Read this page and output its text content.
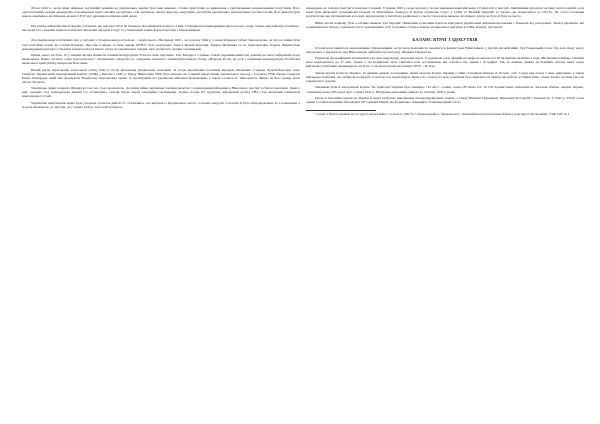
Літом 1944 р., коли деякі німецькі окупаційні режими на українських землях було вже вирвано, Сталін приступив до виявлення з українськими національними почуттями. Його «ідеологічний» режим «федерації» в розширенні прав союзних республік» став частиною закону. Коротко «внутріші» республік українських національних частин Сталін, його вимоги були новою зовнішньо-політичною мовою СРСР від держави на міжнародній арені.

Під кінець війни Москва й Берлін з’ясували, що народи СРСР не бажають підтримувати жодного з них. Гітлерівське командування проголосило «нову східно-європейську політику», яка полягала у наданні певної політичної автономії народам Сходу та у визначенні нових форм боротьби з більшовизмом.

Для українських політичних сил у ситуації з гітлерівським розгромом – і криза цього. Насправді 1943 – на початку 1944 р. у концтабірному таборі Заксенгаузен, де під час війни були такі політичні в’язні як Степан Бандера, Ярослав Стецько та інші лідери ОУН-б, було відпущено Тараса Бульбу-Боровця, Андрія Мельника та ін. національних лідерів. Фашистське командування прагнуло створити умови психологічного тиску на українських лідерів, щоб зробити їх своїми союзниками.

Однак, цього не було, бо у певних місцях фашисти залишили підрозділи УПА на свою протидію. Так, Бандера і Стецько стояли першими вимагати, деякий час мало інформації щодо визволення. Певна частина з них підготувалася і плануванню лідерства до створення спільного антикомуністичного блоку «Народів Росії» на чолі з колишнім командувачем Російської визвольної армії (РОА) генералом Власовим.

Новий раунд переговорів розпочався улітку 1944 р. після звільнення українських політиків. За згоди українських політиків Бандери, Мельника, Стецька, Бульби-Боровця тощо утворено Український національний комітет (УНК) у Берліні з 1945 р. Уряду Німеччини УНК було визнано як «єдиний представник українського народу». Головою УНК обрано генерала Павла Шандрука, який мав формувати Українську національну армію та організувати всі українські військові формування, а також очолити їх. Чисельність бійців, на його думку, мала сягати 50 тисяч.

Українська армія генерала Шандрука так і не стала реальністю. До кінця війни українські частини вели бої з радянськими військами в Німеччині, Австрії та Чехословаччині. Деякі з них, зокрема 14-а гренадерська дивізія СС «Галичина», склали зброю перед західними союзниками. Однак, попри всі труднощі, військовий досвід УНА став значущим елементом національної історії.

Українська національна армія була утворена з решток дивізії СС «Галичина», що вибувала з Бродівського котла, та нових рекрутів. Спочатку її було підпорядковано до Словаччини, а згодом переведено до Австрії, де у травні 1945 р. вона капітулювала.

переведено до західної Австрії в пошуках Словенії. 8 травня 1945 р. вона здалася у полон американським військам у Радштадті в Австрії. Дивізійники втратили частину своїх позицій, хоча вони були визволені громадянами Польщі за ініціативою Андерса, й відтак отримали статус у США та Великій Британії за умови «не повертатися до СРСР». Це стало головним результатом, яке підтримували в полоні, віддаленому в Англії від радянського союзу. Сам вождь вважав, що ніякого уряду не було й бути не могло.

Війна проти нацизму була особливо важкою для України. Чималими зусиллями вдалося врятувати українських військовополонених і біженців від репатріації. Тисячі українців, які залишилися на Заході, отримали статус переміщених осіб та пізніше стали основою післявоєнної еміграції в США, Канаді, Австралії.

БАЛАНС ВТРАТ І ЗДОБУТКІВ

Історія воєн пишеться переможцями. Переможцями, котрі мали можливість переписати фашистське Німеччиною у другій світовій війні, був Радянський Союз. Це дало йому змогу паралельно з перемогою над Німеччиною здійснити пропаганду «Великої Перемоги».

Радянські фальсифікації починалися уже при підрахунку людських втрат. У радянські часи офіційною цифрою вважалося 20 мільйонів загиблих в ході «Вітчизняної війни». Пізніше вона коригувалася до 27 млн. Однак у пострадянські часи з’явилися нові дослідження, які ставлять під сумнів і ці цифри. Так, за даними деяких дослідників, втрати лише серед військовослужбовців перевищують 10 млн., а загальні втрати населення СРСР – 40 млн.

Значні втрати понесла Україна. За даними деяких дослідників, прямі людські втрати України у війні становили близько 8–10 млн. осіб. Серед них понад 5 млн. цивільних, а також військовослужбовці, що загинули на фронті, в полоні та в концтаборах. Крім того, понад 2,3 млн. українців було вивезено на примусові роботи до Німеччини, з яких значна частина так і не повернулась додому.

Значними були й матеріальні втрати. На території України було знищено 714 міст і селищ, понад 28 тисяч сіл, 16 150 промислових підприємств. Загальні збитки, завдані Україні, становили понад 285 млрд. крб. у цінах 1941 р. Відбудова економіки тривала до початку 1950-х років.

Разом із тим війна принесла Україні й певні здобутки: приєднання західноукраїнських земель, а також Північної Буковини, Південної Бессарабії і Закарпаття. У 1945 р. УРСР стала одним із співзасновників Організації Об’єднаних Націй, що формально підвищило її міжнародний статус.

¹ Сутика Т. Втрати українців під час другої світової війни // Сучасність. 1992. № 7. Перевальський А., Перевальська С. Демографічні втрати населення України у роки Другої світової війни // УІЖ. 1995. № 2.
